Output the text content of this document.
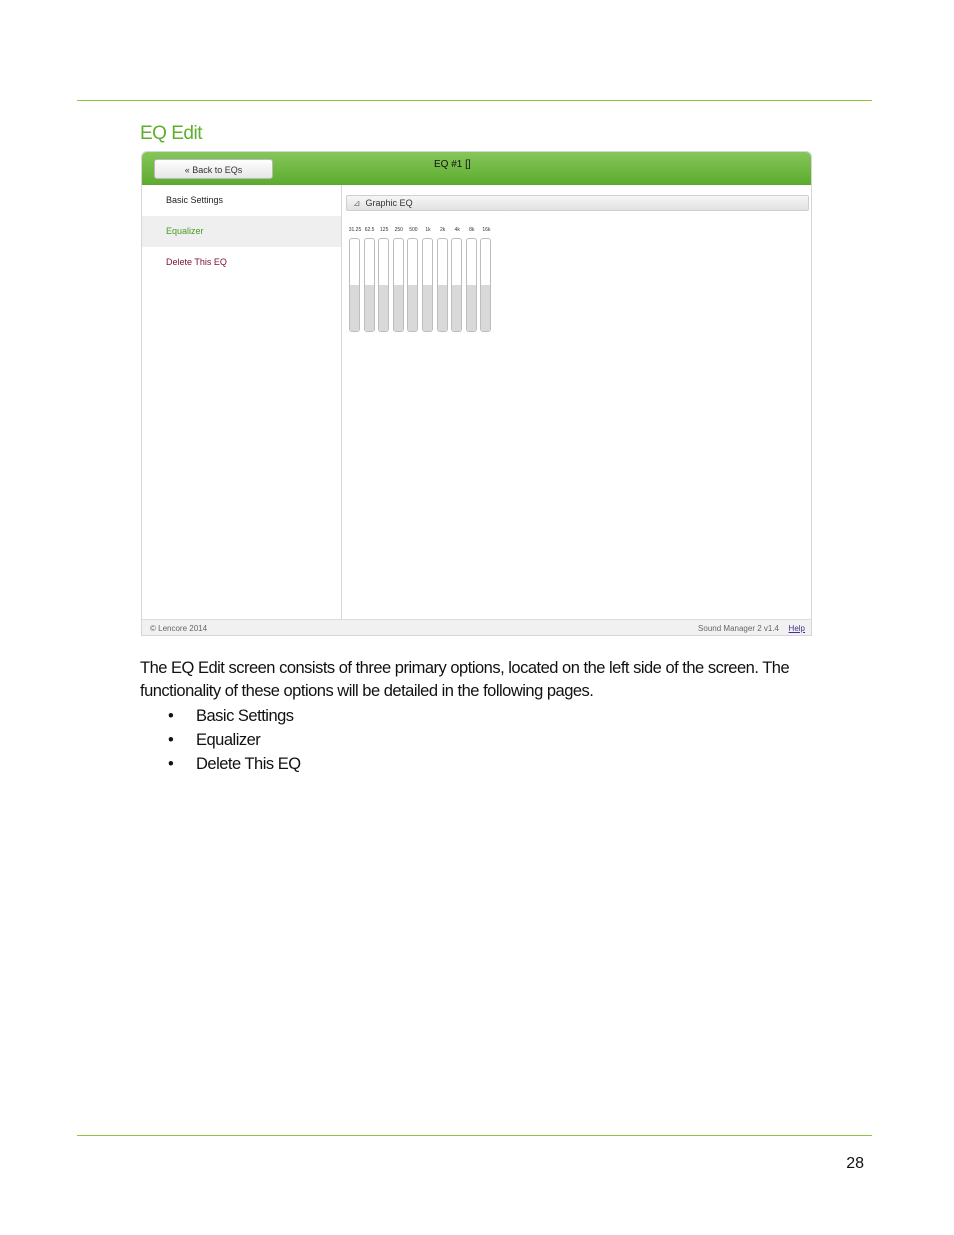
EQ Edit
« Back to EQs	EQ #1 []
Basic Settings
Equalizer
Delete This EQ
⊿ Graphic EQ
31.25 62.5	125	250	500	1k	2k	4k	8k	16k
© Lencore 2014	Sound Manager 2 v1.4 Help
The EQ Edit screen consists of three primary options, located on the left side of the screen. The functionality of these options will be detailed in the following pages.
• Basic Settings
• Equalizer
• Delete This EQ
28
